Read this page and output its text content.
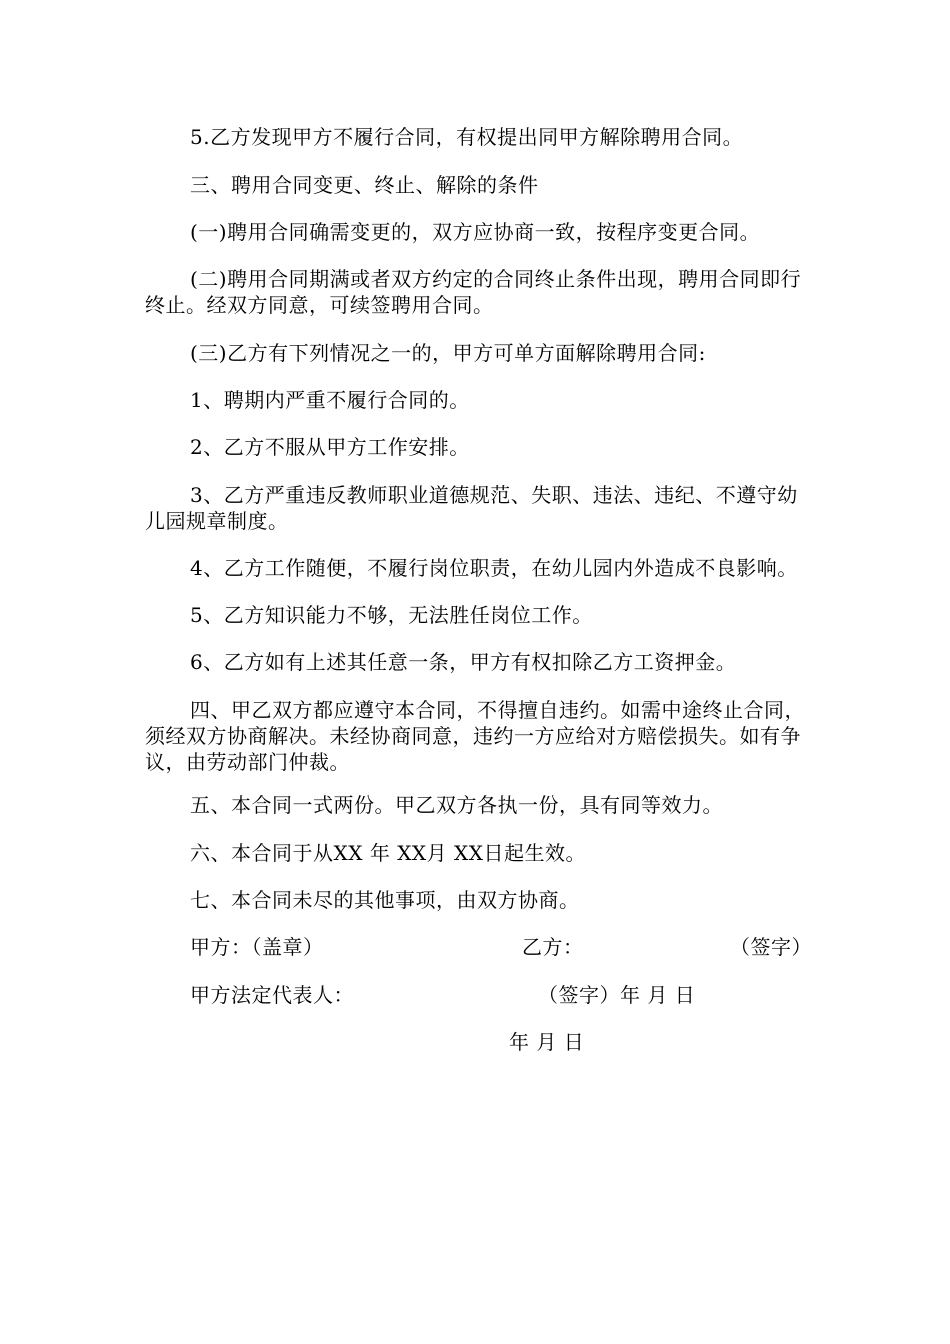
5.乙方发现甲方不履行合同，有权提出同甲方解除聘用合同。
三、聘用合同变更、终止、解除的条件
(一)聘用合同确需变更的，双方应协商一致，按程序变更合同。
(二)聘用合同期满或者双方约定的合同终止条件出现，聘用合同即行终止。经双方同意，可续签聘用合同。
(三)乙方有下列情况之一的，甲方可单方面解除聘用合同:
1、聘期内严重不履行合同的。
2、乙方不服从甲方工作安排。
3、乙方严重违反教师职业道德规范、失职、违法、违纪、不遵守幼儿园规章制度。
4、乙方工作随便，不履行岗位职责，在幼儿园内外造成不良影响。
5、乙方知识能力不够，无法胜任岗位工作。
6、乙方如有上述其任意一条，甲方有权扣除乙方工资押金。
四、甲乙双方都应遵守本合同，不得擅自违约。如需中途终止合同，须经双方协商解决。未经协商同意，违约一方应给对方赔偿损失。如有争议，由劳动部门仲裁。
五、本合同一式两份。甲乙双方各执一份，具有同等效力。
六、本合同于从XX 年 XX月 XX日起生效。
七、本合同未尽的其他事项，由双方协商。
甲方：（盖章）	乙方：	（签字）
甲方法定代表人：	（签字）年 月 日
年 月 日
